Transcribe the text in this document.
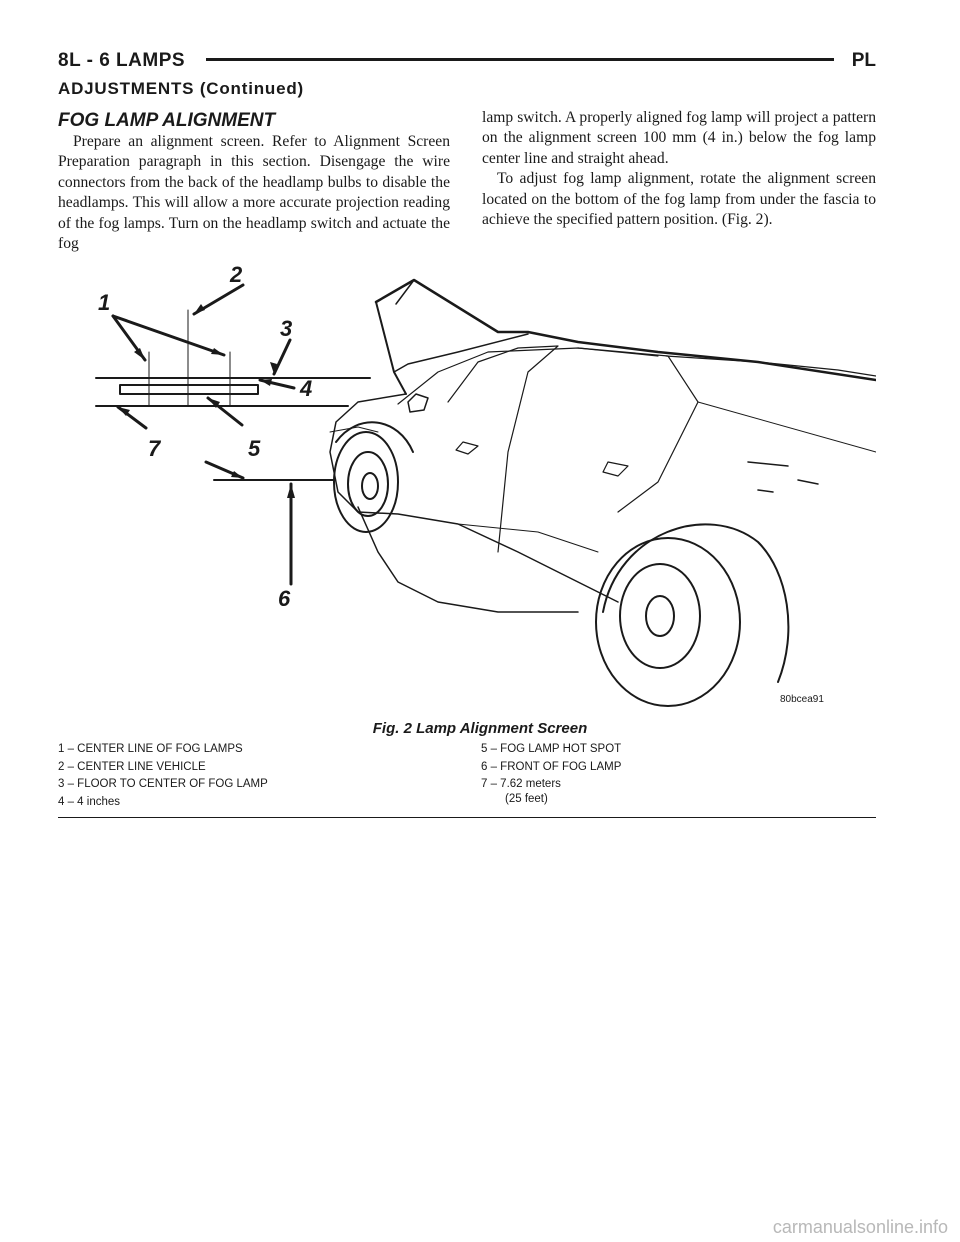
8L - 6 LAMPS	PL
ADJUSTMENTS (Continued)
FOG LAMP ALIGNMENT

Prepare an alignment screen. Refer to Alignment Screen Preparation paragraph in this section. Disengage the wire connectors from the back of the headlamp bulbs to disable the headlamps. This will allow a more accurate projection reading of the fog lamps. Turn on the headlamp switch and actuate the fog

lamp switch. A properly aligned fog lamp will project a pattern on the alignment screen 100 mm (4 in.) below the fog lamp center line and straight ahead.

To adjust fog lamp alignment, rotate the alignment screen located on the bottom of the fog lamp from under the fascia to achieve the specified pattern position. (Fig. 2).

1
2
3
4
5
6
7
80bcea91
Fig. 2 Lamp Alignment Screen
1 – CENTER LINE OF FOG LAMPS
2 – CENTER LINE VEHICLE
3 – FLOOR TO CENTER OF FOG LAMP
4 – 4 inches
5 – FOG LAMP HOT SPOT
6 – FRONT OF FOG LAMP
7 – 7.62 meters
(25 feet)
carmanualsonline.info
